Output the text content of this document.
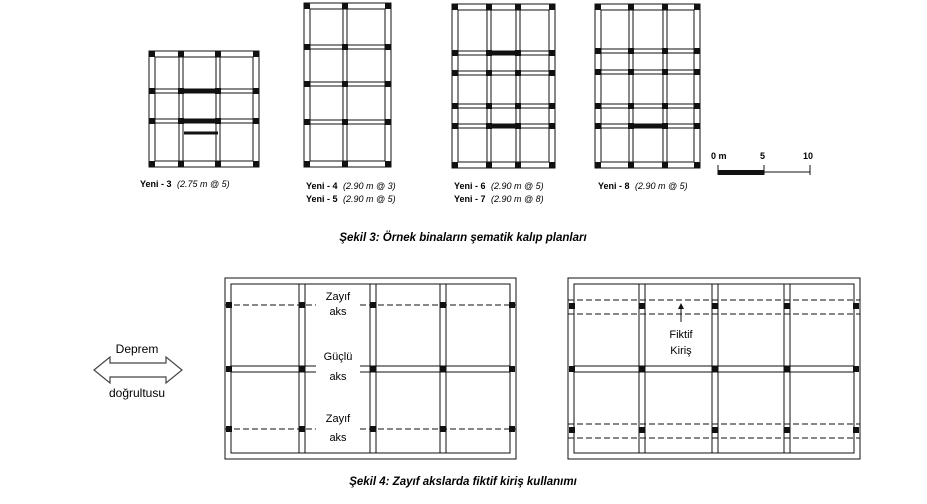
Yeni - 3 (2.75 m @ 5)	Yeni - 4 (2.90 m @ 3)
Yeni - 5 (2.90 m @ 5)
Yeni - 6 (2.90 m @ 5)
Yeni - 7 (2.90 m @ 8)
Yeni - 8 (2.90 m @ 5)
0 m	5	10
Şekil 3: Örnek binaların şematik kalıp planları
Deprem
doğrultusu
Şekil 4: Zayıf akslarda fiktif kiriş kullanımı
Zayıf
aks
Güçlü
aks
Zayıf
aks
Fiktif
Kiriş
